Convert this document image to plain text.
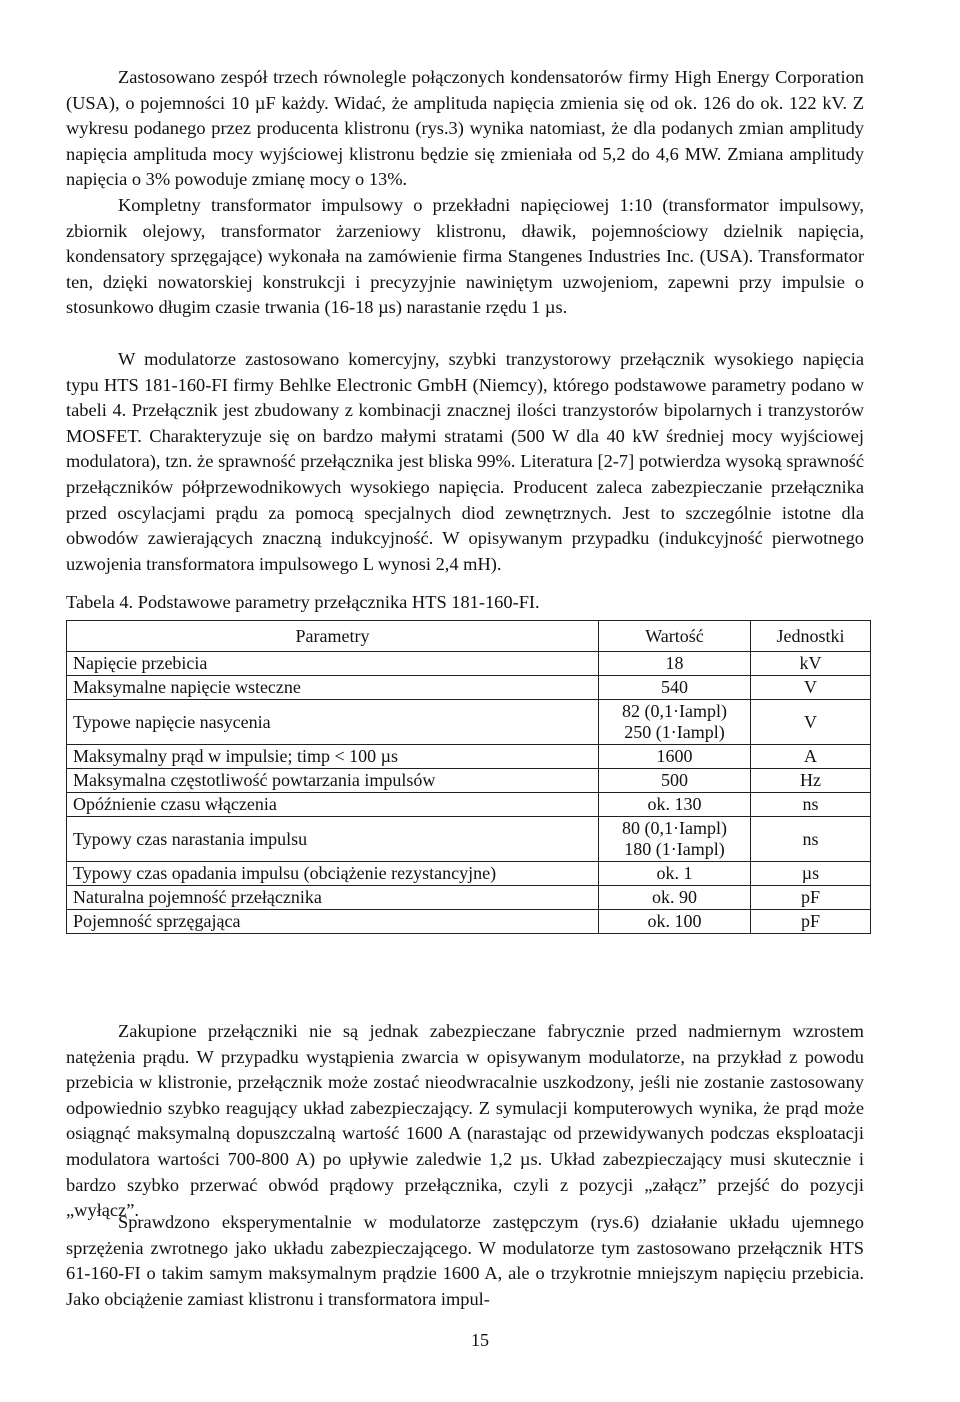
Zastosowano zespół trzech równolegle połączonych kondensatorów firmy High Energy Corporation (USA), o pojemności 10 µF każdy. Widać, że amplituda napięcia zmienia się od ok. 126 do ok. 122 kV. Z wykresu podanego przez producenta klistronu (rys.3) wynika natomiast, że dla podanych zmian amplitudy napięcia amplituda mocy wyjściowej klistronu będzie się zmieniała od 5,2 do 4,6 MW. Zmiana amplitudy napięcia o 3% powoduje zmianę mocy o 13%.

Kompletny transformator impulsowy o przekładni napięciowej 1:10 (transformator impulsowy, zbiornik olejowy, transformator żarzeniowy klistronu, dławik, pojemnościowy dzielnik napięcia, kondensatory sprzęgające) wykonała na zamówienie firma Stangenes Industries Inc. (USA). Transformator ten, dzięki nowatorskiej konstrukcji i precyzyjnie nawiniętym uzwojeniom, zapewni przy impulsie o stosunkowo długim czasie trwania (16-18 µs) narastanie rzędu 1 µs.

W modulatorze zastosowano komercyjny, szybki tranzystorowy przełącznik wysokiego napięcia typu HTS 181-160-FI firmy Behlke Electronic GmbH (Niemcy), którego podstawowe parametry podano w tabeli 4. Przełącznik jest zbudowany z kombinacji znacznej ilości tranzystorów bipolarnych i tranzystorów MOSFET. Charakteryzuje się on bardzo małymi stratami (500 W dla 40 kW średniej mocy wyjściowej modulatora), tzn. że sprawność przełącznika jest bliska 99%. Literatura [2-7] potwierdza wysoką sprawność przełączników półprzewodnikowych wysokiego napięcia. Producent zaleca zabezpieczanie przełącznika przed oscylacjami prądu za pomocą specjalnych diod zewnętrznych. Jest to szczególnie istotne dla obwodów zawierających znaczną indukcyjność. W opisywanym przypadku (indukcyjność pierwotnego uzwojenia transformatora impulsowego L wynosi 2,4 mH).

Tabela 4. Podstawowe parametry przełącznika HTS 181-160-FI.

Parametry	Wartość	Jednostki
Napięcie przebicia	18	kV
Maksymalne napięcie wsteczne	540	V
Typowe napięcie nasycenia	82 (0,1·Iampl)
250 (1·Iampl)	V
Maksymalny prąd w impulsie; timp < 100 µs	1600	A
Maksymalna częstotliwość powtarzania impulsów	500	Hz
Opóźnienie czasu włączenia	ok. 130	ns
Typowy czas narastania impulsu	80 (0,1·Iampl)
180 (1·Iampl)	ns
Typowy czas opadania impulsu (obciążenie rezystancyjne)	ok. 1	µs
Naturalna pojemność przełącznika	ok. 90	pF
Pojemność sprzęgająca	ok. 100	pF

Zakupione przełączniki nie są jednak zabezpieczane fabrycznie przed nadmiernym wzrostem natężenia prądu. W przypadku wystąpienia zwarcia w opisywanym modulatorze, na przykład z powodu przebicia w klistronie, przełącznik może zostać nieodwracalnie uszkodzony, jeśli nie zostanie zastosowany odpowiednio szybko reagujący układ zabezpieczający. Z symulacji komputerowych wynika, że prąd może osiągnąć maksymalną dopuszczalną wartość 1600 A (narastając od przewidywanych podczas eksploatacji modulatora wartości 700-800 A) po upływie zaledwie 1,2 µs. Układ zabezpieczający musi skutecznie i bardzo szybko przerwać obwód prądowy przełącznika, czyli z pozycji „załącz” przejść do pozycji „wyłącz”.

Sprawdzono eksperymentalnie w modulatorze zastępczym (rys.6) działanie układu ujemnego sprzężenia zwrotnego jako układu zabezpieczającego. W modulatorze tym zastosowano przełącznik HTS 61-160-FI o takim samym maksymalnym prądzie 1600 A, ale o trzykrotnie mniejszym napięciu przebicia. Jako obciążenie zamiast klistronu i transformatora impul-

15
